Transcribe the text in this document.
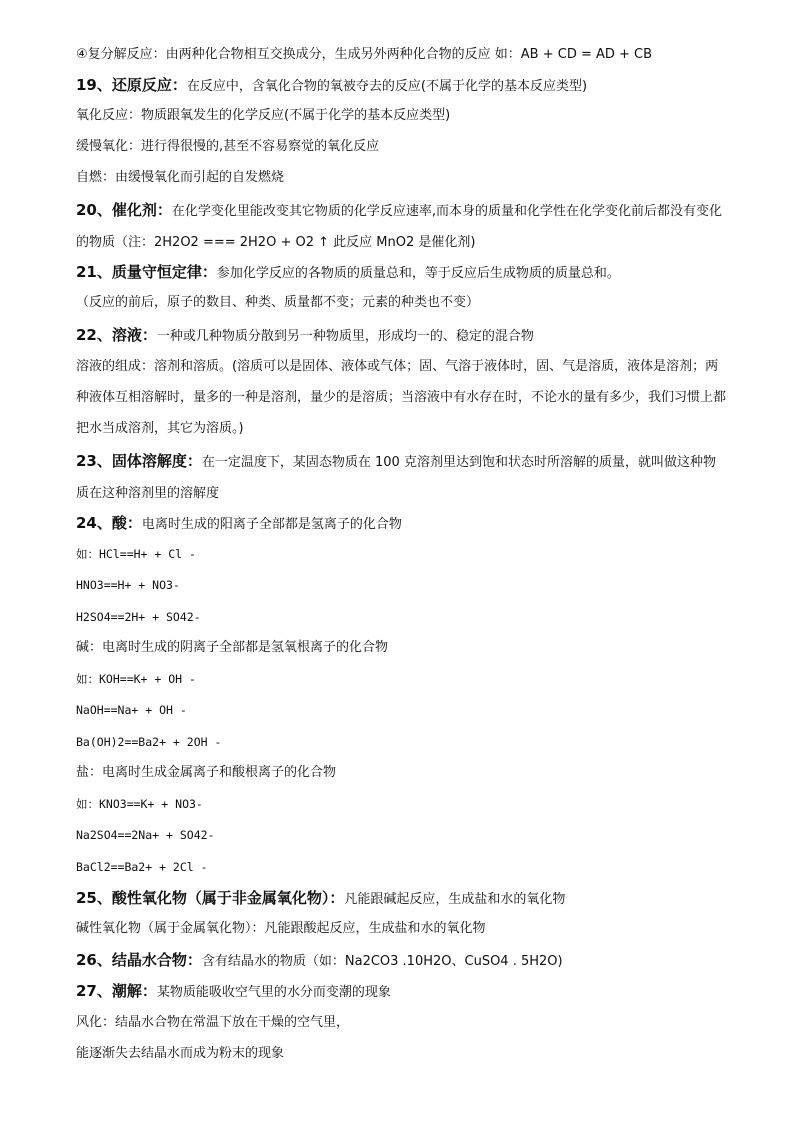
④复分解反应：由两种化合物相互交换成分，生成另外两种化合物的反应 如：AB + CD = AD + CB
19、还原反应：在反应中，含氧化合物的氧被夺去的反应(不属于化学的基本反应类型)
氧化反应：物质跟氧发生的化学反应(不属于化学的基本反应类型)
缓慢氧化：进行得很慢的,甚至不容易察觉的氧化反应
自燃：由缓慢氧化而引起的自发燃烧
20、催化剂：在化学变化里能改变其它物质的化学反应速率,而本身的质量和化学性在化学变化前后都没有变化的物质（注：2H2O2 === 2H2O + O2 ↑ 此反应 MnO2 是催化剂)
21、质量守恒定律：参加化学反应的各物质的质量总和，等于反应后生成物质的质量总和。
（反应的前后，原子的数目、种类、质量都不变；元素的种类也不变）
22、溶液：一种或几种物质分散到另一种物质里，形成均一的、稳定的混合物
溶液的组成：溶剂和溶质。(溶质可以是固体、液体或气体；固、气溶于液体时，固、气是溶质，液体是溶剂；两种液体互相溶解时，量多的一种是溶剂，量少的是溶质；当溶液中有水存在时，不论水的量有多少，我们习惯上都把水当成溶剂，其它为溶质。)
23、固体溶解度：在一定温度下，某固态物质在 100 克溶剂里达到饱和状态时所溶解的质量，就叫做这种物质在这种溶剂里的溶解度
24、酸：电离时生成的阳离子全部都是氢离子的化合物
如：HCl==H+ + Cl -
HNO3==H+ + NO3-
H2SO4==2H+ + SO42-
碱：电离时生成的阴离子全部都是氢氧根离子的化合物
如：KOH==K+ + OH -
NaOH==Na+ + OH -
Ba(OH)2==Ba2+ + 2OH -
盐：电离时生成金属离子和酸根离子的化合物
如：KNO3==K+ + NO3-
Na2SO4==2Na+ + SO42-
BaCl2==Ba2+ + 2Cl -
25、酸性氧化物（属于非金属氧化物）：凡能跟碱起反应，生成盐和水的氧化物
碱性氧化物（属于金属氧化物）：凡能跟酸起反应，生成盐和水的氧化物
26、结晶水合物：含有结晶水的物质（如：Na2CO3 .10H2O、CuSO4 . 5H2O)
27、潮解：某物质能吸收空气里的水分而变潮的现象
风化：结晶水合物在常温下放在干燥的空气里，
能逐渐失去结晶水而成为粉末的现象
